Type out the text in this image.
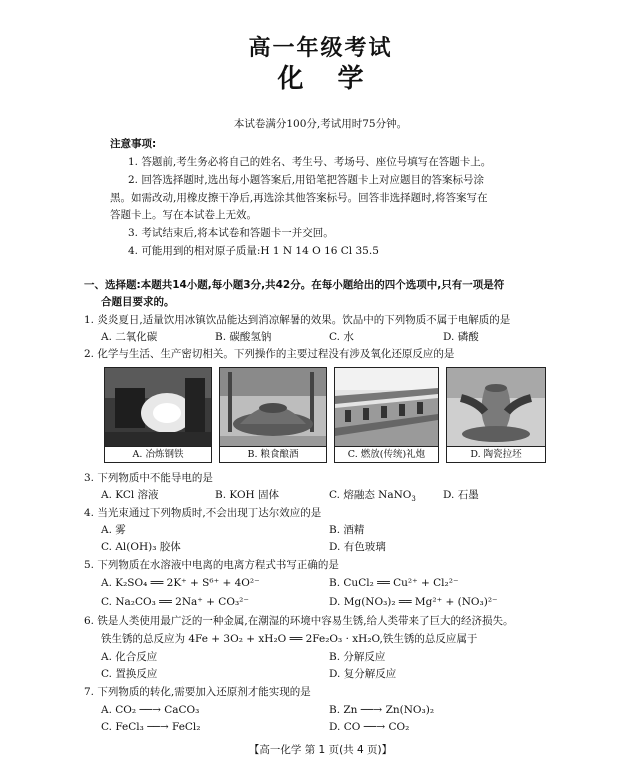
高一年级考试
化学
本试卷满分100分,考试用时75分钟。
注意事项:
1. 答题前,考生务必将自己的姓名、考生号、考场号、座位号填写在答题卡上。
2. 回答选择题时,选出每小题答案后,用铅笔把答题卡上对应题目的答案标号涂
黑。如需改动,用橡皮擦干净后,再选涂其他答案标号。回答非选择题时,将答案写在
答题卡上。写在本试卷上无效。
3. 考试结束后,将本试卷和答题卡一并交回。
4. 可能用到的相对原子质量:H 1 N 14 O 16 Cl 35.5
一、选择题:本题共14小题,每小题3分,共42分。在每小题给出的四个选项中,只有一项是符
合题目要求的。
1. 炎炎夏日,适量饮用冰镇饮品能达到消凉解暑的效果。饮品中的下列物质不属于电解质的是
A. 二氧化碳	B. 碳酸氢钠	C. 水	D. 磷酸
2. 化学与生活、生产密切相关。下列操作的主要过程没有涉及氧化还原反应的是
A. 冶炼钢铁	B. 粮食酿酒	C. 燃放(传统)礼炮	D. 陶瓷拉坯
3. 下列物质中不能导电的是
A. KCl 溶液	B. KOH 固体	C. 熔融态 NaNO$_3$	D. 石墨
4. 当光束通过下列物质时,不会出现丁达尔效应的是
A. 雾	B. 酒精
C. Al(OH)₃ 胶体	D. 有色玻璃
5. 下列物质在水溶液中电离的电离方程式书写正确的是
A. K₂SO₄ ══ 2K⁺ + S⁶⁺ + 4O²⁻	B. CuCl₂ ══ Cu²⁺ + Cl₂²⁻
C. Na₂CO₃ ══ 2Na⁺ + CO₃²⁻	D. Mg(NO₃)₂ ══ Mg²⁺ + (NO₃)²⁻
6. 铁是人类使用最广泛的一种金属,在潮湿的环境中容易生锈,给人类带来了巨大的经济损失。
铁生锈的总反应为 4Fe + 3O₂ + xH₂O ══ 2Fe₂O₃ · xH₂O,铁生锈的总反应属于
A. 化合反应	B. 分解反应
C. 置换反应	D. 复分解反应
7. 下列物质的转化,需要加入还原剂才能实现的是
A. CO₂ ──→ CaCO₃	B. Zn ──→ Zn(NO₃)₂
C. FeCl₃ ──→ FeCl₂	D. CO ──→ CO₂
【高一化学 第 1 页(共 4 页)】
